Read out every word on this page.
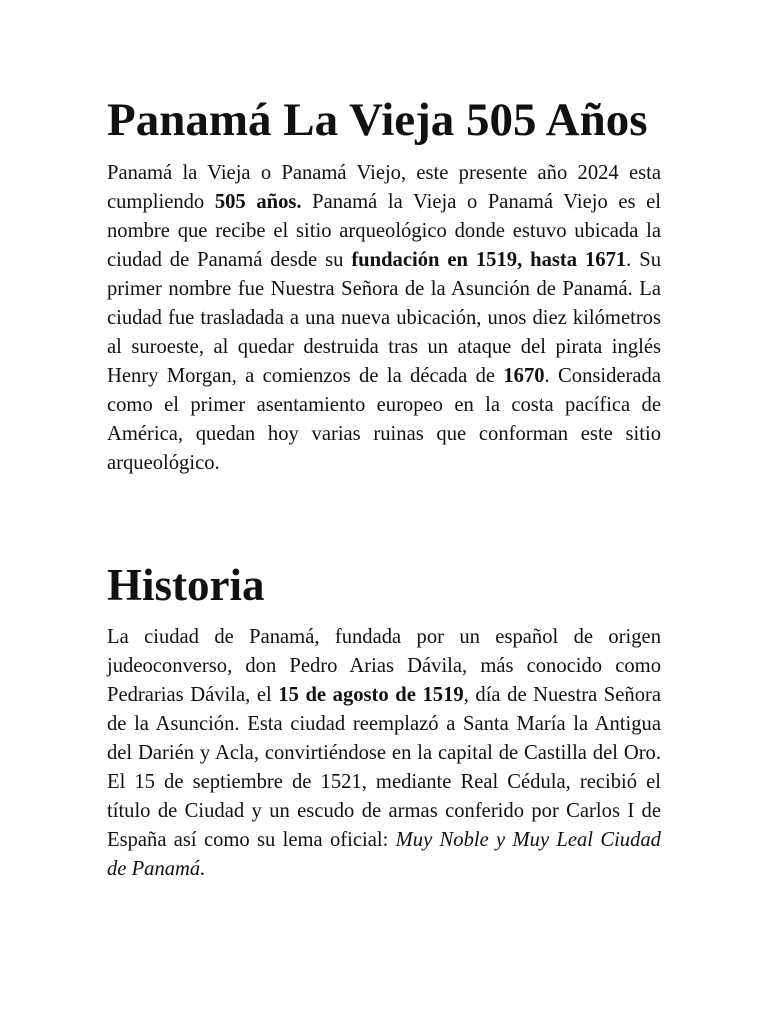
Panamá La Vieja 505 Años

Panamá la Vieja o Panamá Viejo, este presente año 2024 esta cumpliendo 505 años. Panamá la Vieja o Panamá Viejo es el nombre que recibe el sitio arqueológico donde estuvo ubicada la ciudad de Panamá desde su fundación en 1519, hasta 1671. Su primer nombre fue Nuestra Señora de la Asunción de Panamá. La ciudad fue trasladada a una nueva ubicación, unos diez kilómetros al suroeste, al quedar destruida tras un ataque del pirata inglés Henry Morgan, a comienzos de la década de 1670. Considerada como el primer asentamiento europeo en la costa pacífica de América, quedan hoy varias ruinas que conforman este sitio arqueológico.

Historia

La ciudad de Panamá, fundada por un español de origen judeoconverso, don Pedro Arias Dávila, más conocido como Pedrarias Dávila, el 15 de agosto de 1519, día de Nuestra Señora de la Asunción. Esta ciudad reemplazó a Santa María la Antigua del Darién y Acla, convirtiéndose en la capital de Castilla del Oro. El 15 de septiembre de 1521, mediante Real Cédula, recibió el título de Ciudad y un escudo de armas conferido por Carlos I de España así como su lema oficial: Muy Noble y Muy Leal Ciudad de Panamá.
